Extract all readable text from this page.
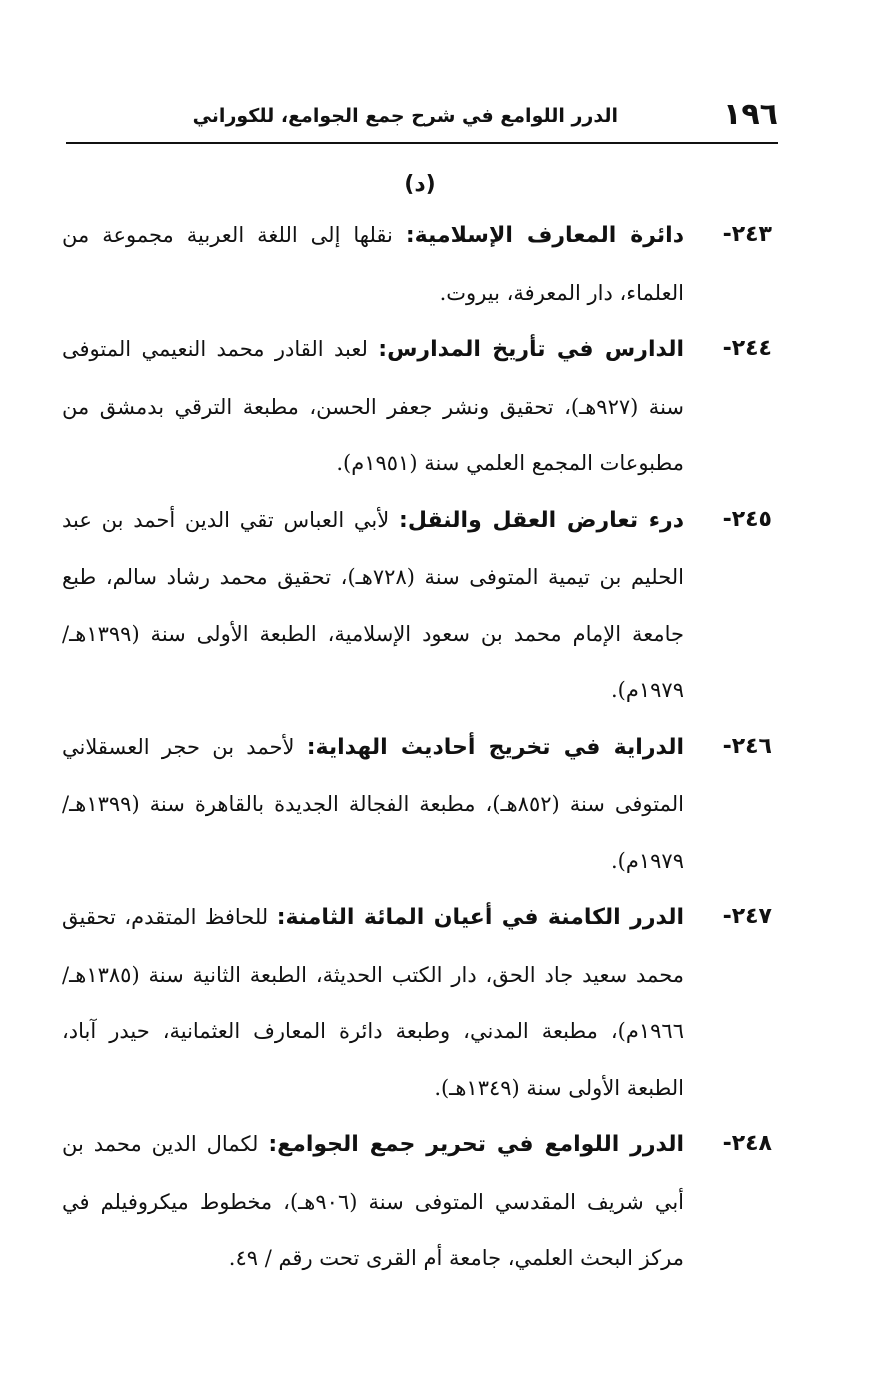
١٩٦
الدرر اللوامع في شرح جمع الجوامع، للكوراني
(د)
٢٤٣-
دائرة المعارف الإسلامية: نقلها إلى اللغة العربية مجموعة من العلماء، دار المعرفة، بيروت.
٢٤٤-
الدارس في تأريخ المدارس: لعبد القادر محمد النعيمي المتوفى سنة (٩٢٧هـ)، تحقيق ونشر جعفر الحسن، مطبعة الترقي بدمشق من مطبوعات المجمع العلمي سنة (١٩٥١م).
٢٤٥-
درء تعارض العقل والنقل: لأبي العباس تقي الدين أحمد بن عبد الحليم بن تيمية المتوفى سنة (٧٢٨هـ)، تحقيق محمد رشاد سالم، طبع جامعة الإمام محمد بن سعود الإسلامية، الطبعة الأولى سنة (١٣٩٩هـ/١٩٧٩م).
٢٤٦-
الدراية في تخريج أحاديث الهداية: لأحمد بن حجر العسقلاني المتوفى سنة (٨٥٢هـ)، مطبعة الفجالة الجديدة بالقاهرة سنة (١٣٩٩هـ/١٩٧٩م).
٢٤٧-
الدرر الكامنة في أعيان المائة الثامنة: للحافظ المتقدم، تحقيق محمد سعيد جاد الحق، دار الكتب الحديثة، الطبعة الثانية سنة (١٣٨٥هـ/١٩٦٦م)، مطبعة المدني، وطبعة دائرة المعارف العثمانية، حيدر آباد، الطبعة الأولى سنة (١٣٤٩هـ).
٢٤٨-
الدرر اللوامع في تحرير جمع الجوامع: لكمال الدين محمد بن أبي شريف المقدسي المتوفى سنة (٩٠٦هـ)، مخطوط ميكروفيلم في مركز البحث العلمي، جامعة أم القرى تحت رقم / ٤٩.
